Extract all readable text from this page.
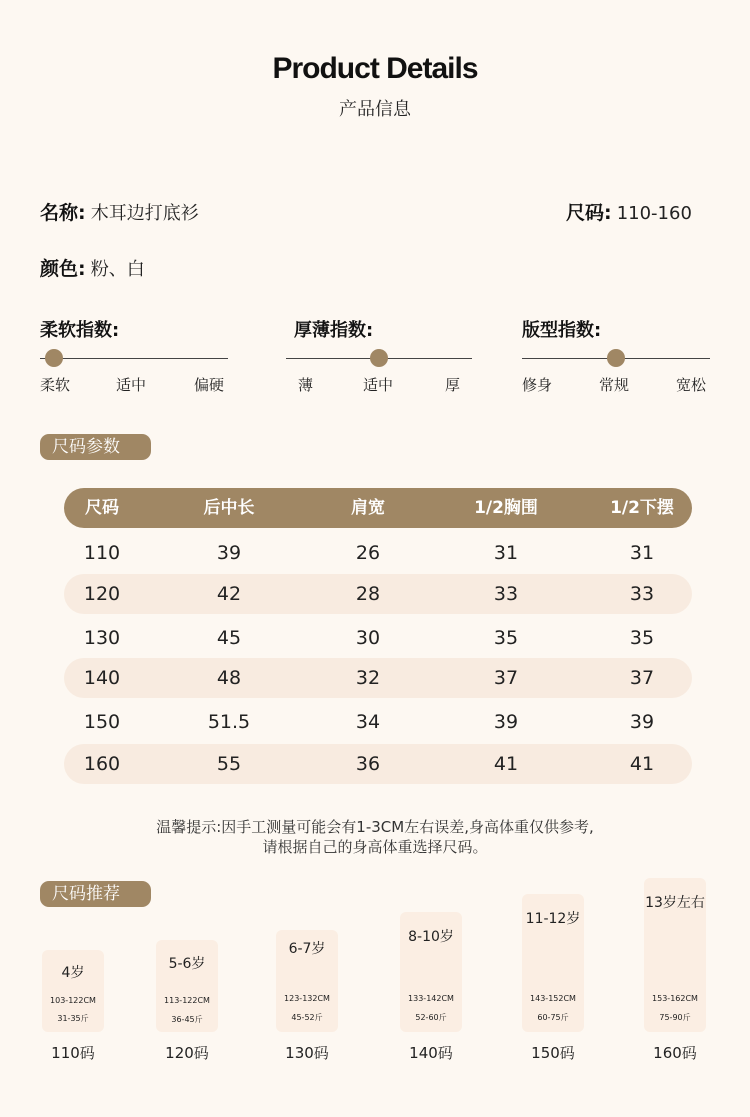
Product Details
产品信息
名称: 木耳边打底衫	尺码: 110-160
颜色: 粉、白
柔软指数:
柔软	适中	偏硬
厚薄指数:
薄	适中	厚
版型指数:
修身	常规	宽松
尺码参数
尺码	后中长	肩宽	1/2胸围	1/2下摆
110	39	26	31	31
120	42	28	33	33
130	45	30	35	35
140	48	32	37	37
150	51.5	34	39	39
160	55	36	41	41
温馨提示:因手工测量可能会有1-3CM左右误差,身高体重仅供参考,
请根据自己的身高体重选择尺码。
尺码推荐
4岁
103-122CM
31-35斤
110码
5-6岁
113-122CM
36-45斤
120码
6-7岁
123-132CM
45-52斤
130码
8-10岁
133-142CM
52-60斤
140码
11-12岁
143-152CM
60-75斤
150码
13岁左右
153-162CM
75-90斤
160码
